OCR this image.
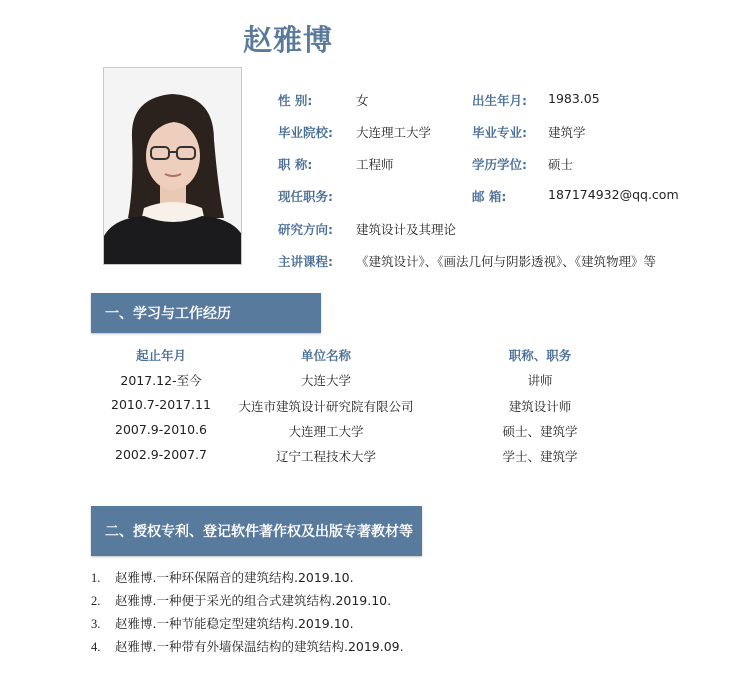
赵雅博
性 别:	女	出生年月: 1983.05
毕业院校: 大连理工大学	毕业专业: 建筑学
职 称:	工程师	学历学位: 硕士
现任职务:	邮 箱:	187174932@qq.com
研究方向: 建筑设计及其理论
主讲课程: 《建筑设计》、《画法几何与阴影透视》、《建筑物理》等
一、学习与工作经历
起止年月	单位名称	职称、职务
2017.12-至今	大连大学	讲师
2010.7-2017.11	大连市建筑设计研究院有限公司	建筑设计师
2007.9-2010.6	大连理工大学	硕士、建筑学
2002.9-2007.7	辽宁工程技术大学	学士、建筑学
二、授权专利、登记软件著作权及出版专著教材等
1. 赵雅博.一种环保隔音的建筑结构.2019.10.
2. 赵雅博.一种便于采光的组合式建筑结构.2019.10.
3. 赵雅博.一种节能稳定型建筑结构.2019.10.
4. 赵雅博.一种带有外墙保温结构的建筑结构.2019.09.
